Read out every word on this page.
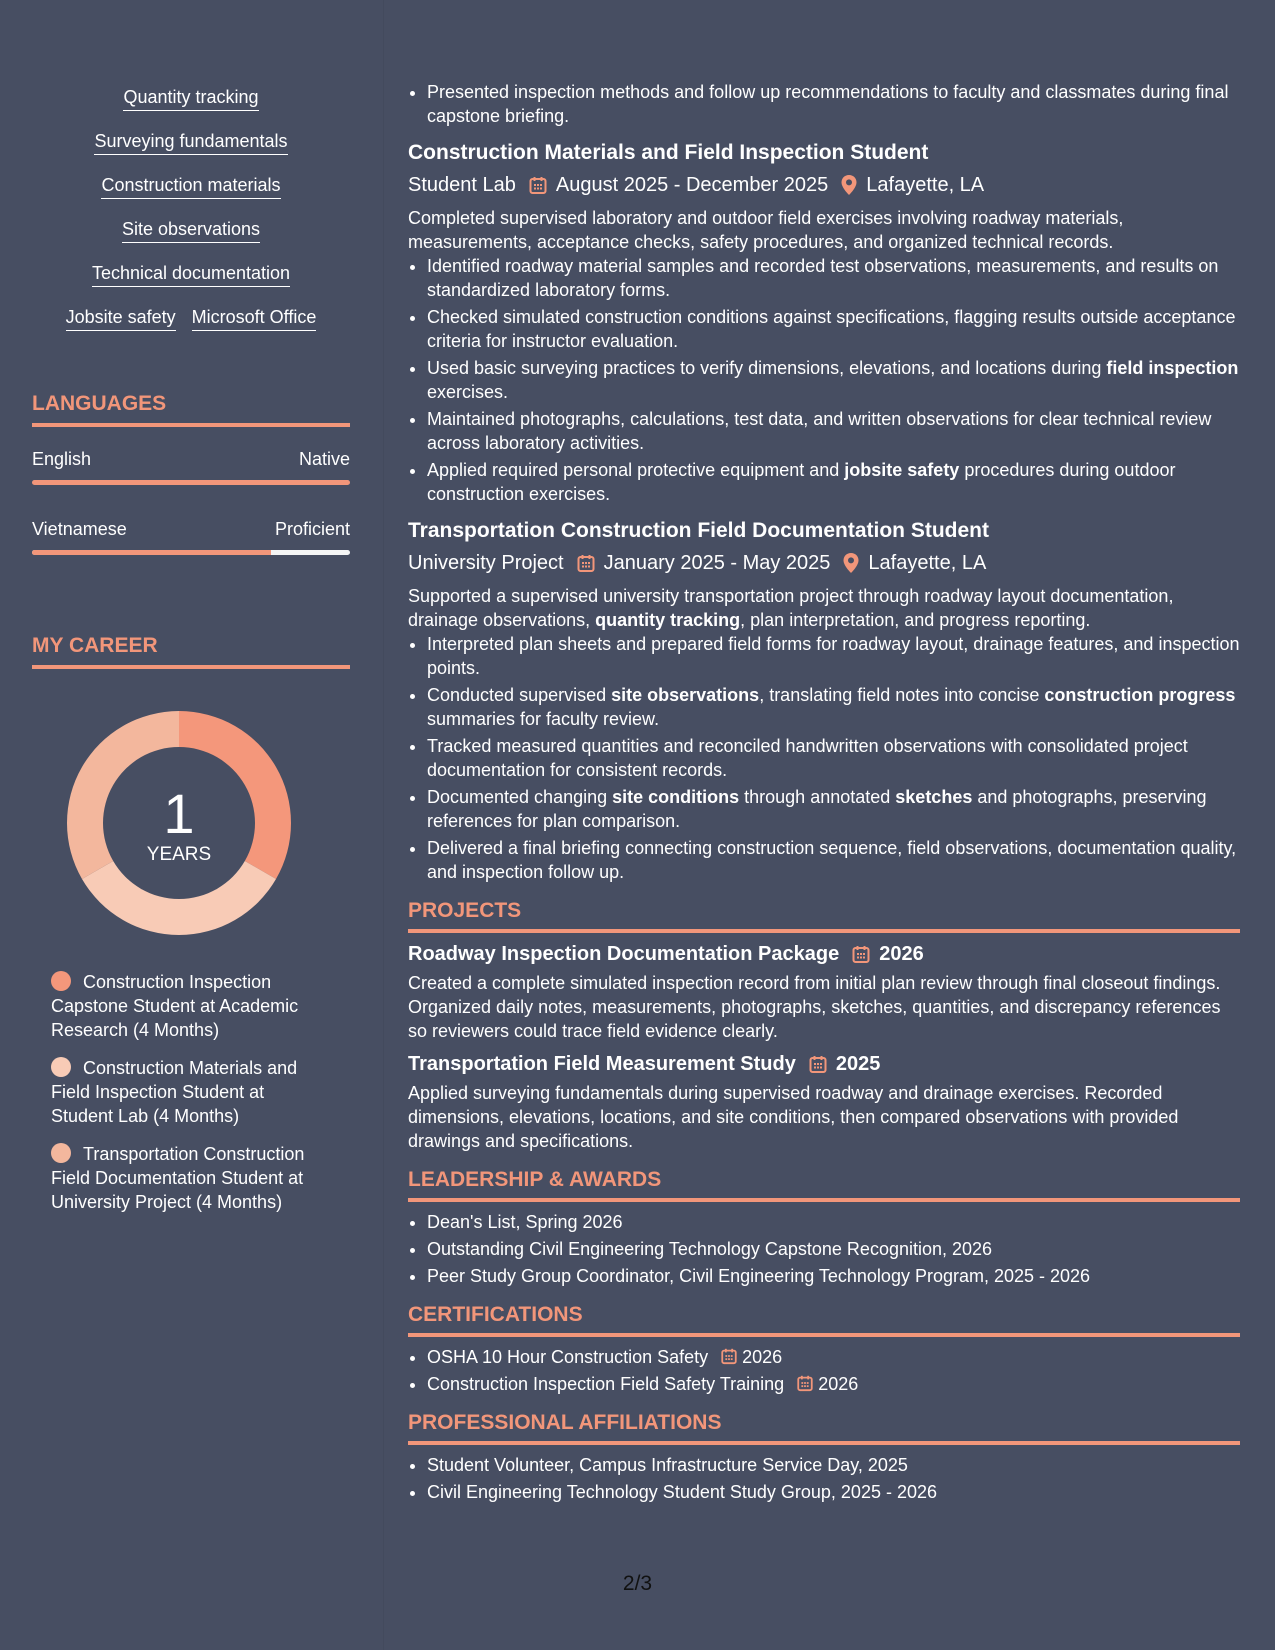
Quantity tracking
Surveying fundamentals
Construction materials
Site observations
Technical documentation
Jobsite safety Microsoft Office
LANGUAGES
English	Native
Vietnamese	Proficient
MY CAREER
1
YEARS
Construction Inspection Capstone Student at Academic Research (4 Months)
Construction Materials and Field Inspection Student at Student Lab (4 Months)
Transportation Construction Field Documentation Student at University Project (4 Months)
• Presented inspection methods and follow up recommendations to faculty and classmates during final capstone briefing.
Construction Materials and Field Inspection Student
Student Lab August 2025 - December 2025 Lafayette, LA
Completed supervised laboratory and outdoor field exercises involving roadway materials, measurements, acceptance checks, safety procedures, and organized technical records.
• Identified roadway material samples and recorded test observations, measurements, and results on standardized laboratory forms.
• Checked simulated construction conditions against specifications, flagging results outside acceptance criteria for instructor evaluation.
• Used basic surveying practices to verify dimensions, elevations, and locations during field inspection exercises.
• Maintained photographs, calculations, test data, and written observations for clear technical review across laboratory activities.
• Applied required personal protective equipment and jobsite safety procedures during outdoor construction exercises.
Transportation Construction Field Documentation Student
University Project January 2025 - May 2025 Lafayette, LA
Supported a supervised university transportation project through roadway layout documentation, drainage observations, quantity tracking, plan interpretation, and progress reporting.
• Interpreted plan sheets and prepared field forms for roadway layout, drainage features, and inspection points.
• Conducted supervised site observations, translating field notes into concise construction progress summaries for faculty review.
• Tracked measured quantities and reconciled handwritten observations with consolidated project documentation for consistent records.
• Documented changing site conditions through annotated sketches and photographs, preserving references for plan comparison.
• Delivered a final briefing connecting construction sequence, field observations, documentation quality, and inspection follow up.
PROJECTS
Roadway Inspection Documentation Package 2026
Created a complete simulated inspection record from initial plan review through final closeout findings. Organized daily notes, measurements, photographs, sketches, quantities, and discrepancy references so reviewers could trace field evidence clearly.
Transportation Field Measurement Study 2025
Applied surveying fundamentals during supervised roadway and drainage exercises. Recorded dimensions, elevations, locations, and site conditions, then compared observations with provided drawings and specifications.
LEADERSHIP & AWARDS
• Dean's List, Spring 2026
• Outstanding Civil Engineering Technology Capstone Recognition, 2026
• Peer Study Group Coordinator, Civil Engineering Technology Program, 2025 - 2026
CERTIFICATIONS
• OSHA 10 Hour Construction Safety 2026
• Construction Inspection Field Safety Training 2026
PROFESSIONAL AFFILIATIONS
• Student Volunteer, Campus Infrastructure Service Day, 2025
• Civil Engineering Technology Student Study Group, 2025 - 2026
2/3
